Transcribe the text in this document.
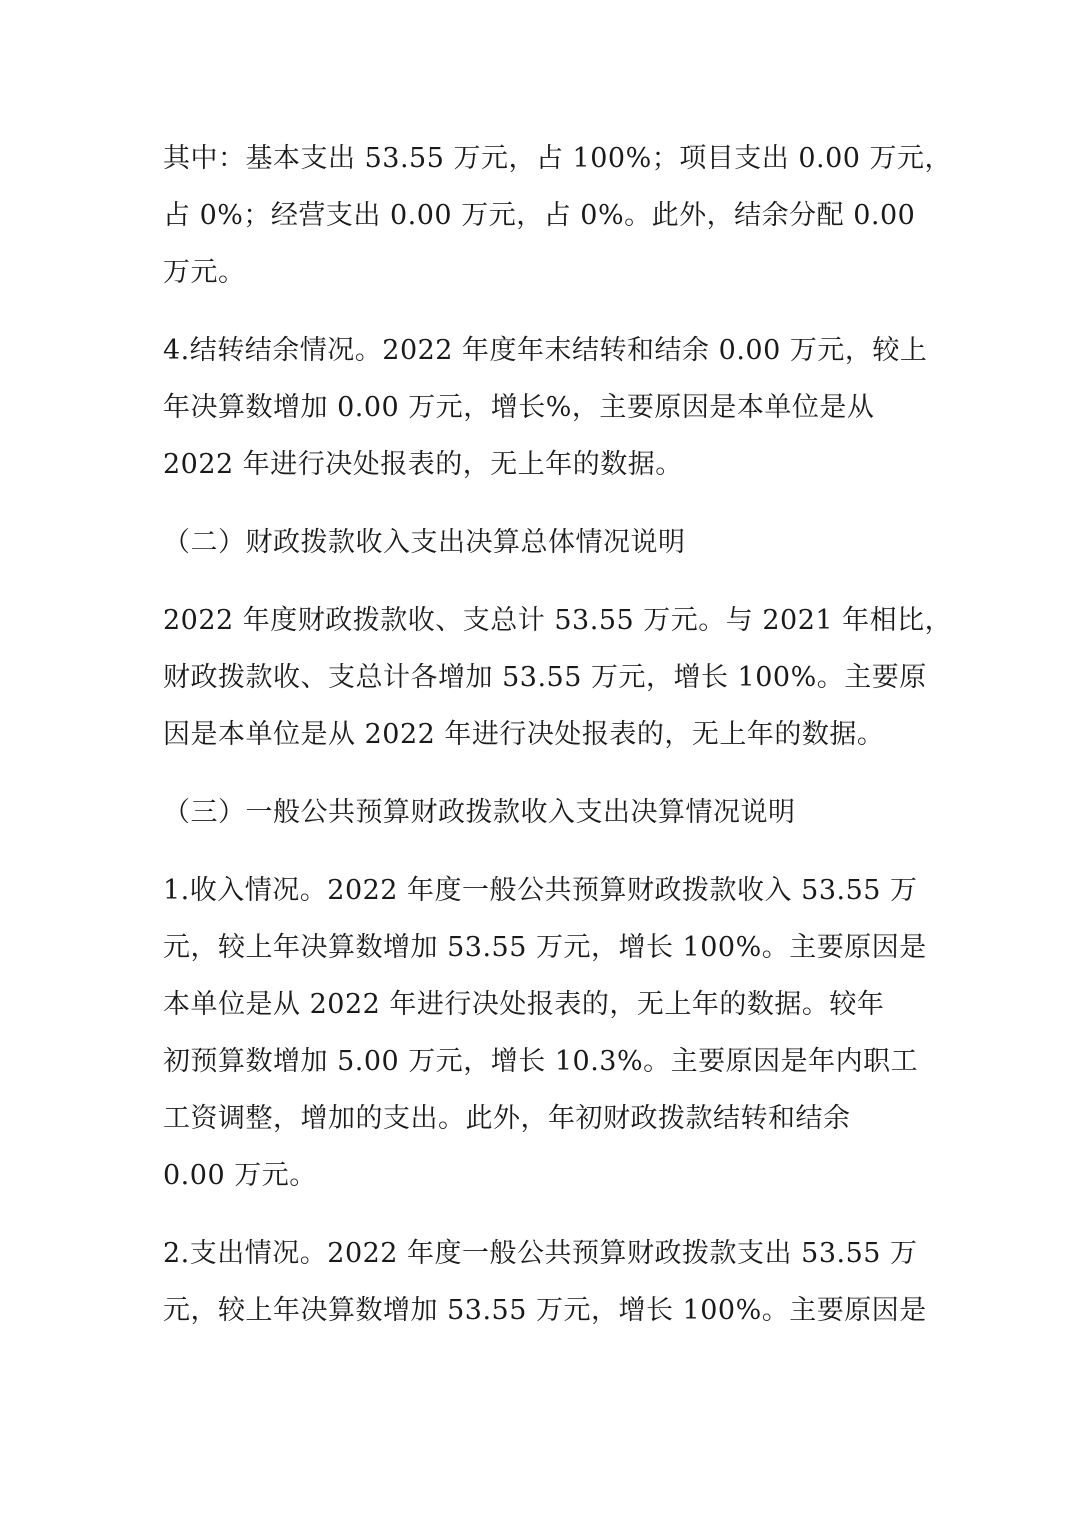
其中：基本支出 53.55 万元，占 100%；项目支出 0.00 万元，
占 0%；经营支出 0.00 万元，占 0%。此外，结余分配 0.00
万元。

4.结转结余情况。2022 年度年末结转和结余 0.00 万元，较上
年决算数增加 0.00 万元，增长%，主要原因是本单位是从
2022 年进行决处报表的，无上年的数据。

（二）财政拨款收入支出决算总体情况说明

2022 年度财政拨款收、支总计 53.55 万元。与 2021 年相比，
财政拨款收、支总计各增加 53.55 万元，增长 100%。主要原
因是本单位是从 2022 年进行决处报表的，无上年的数据。

（三）一般公共预算财政拨款收入支出决算情况说明

1.收入情况。2022 年度一般公共预算财政拨款收入 53.55 万
元，较上年决算数增加 53.55 万元，增长 100%。主要原因是
本单位是从 2022 年进行决处报表的，无上年的数据。较年
初预算数增加 5.00 万元，增长 10.3%。主要原因是年内职工
工资调整，增加的支出。此外，年初财政拨款结转和结余
0.00 万元。

2.支出情况。2022 年度一般公共预算财政拨款支出 53.55 万
元，较上年决算数增加 53.55 万元，增长 100%。主要原因是
